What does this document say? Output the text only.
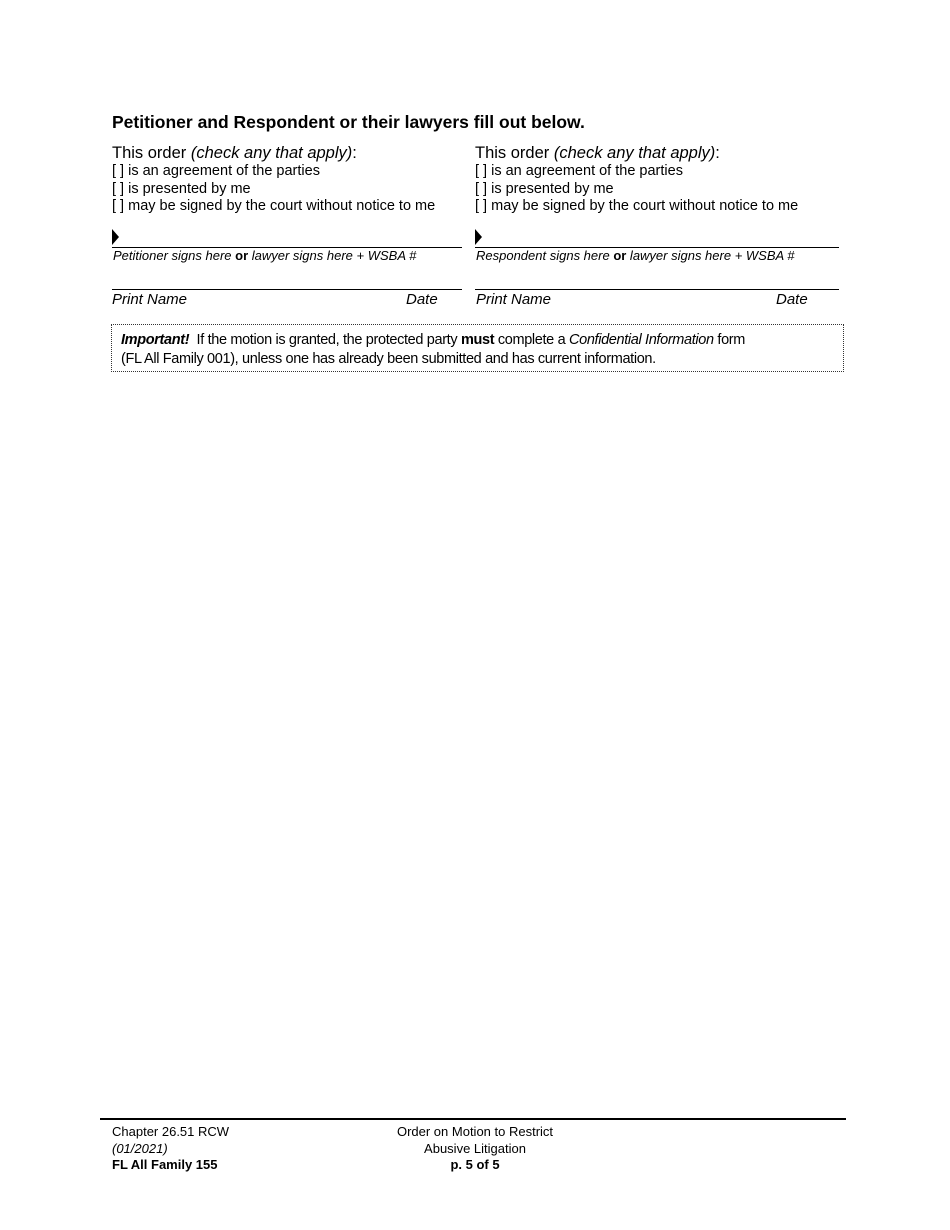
Petitioner and Respondent or their lawyers fill out below.
This order (check any that apply):
[ ] is an agreement of the parties
[ ] is presented by me
[ ] may be signed by the court without notice to me
This order (check any that apply):
[ ] is an agreement of the parties
[ ] is presented by me
[ ] may be signed by the court without notice to me
Petitioner signs here or lawyer signs here + WSBA #	Respondent signs here or lawyer signs here + WSBA #
Print Name	Date	Print Name	Date
Important!  If the motion is granted, the protected party must complete a Confidential Information form
(FL All Family 001), unless one has already been submitted and has current information.
Chapter 26.51 RCW
(01/2021)
FL All Family 155
Order on Motion to Restrict
Abusive Litigation
p. 5 of 5
